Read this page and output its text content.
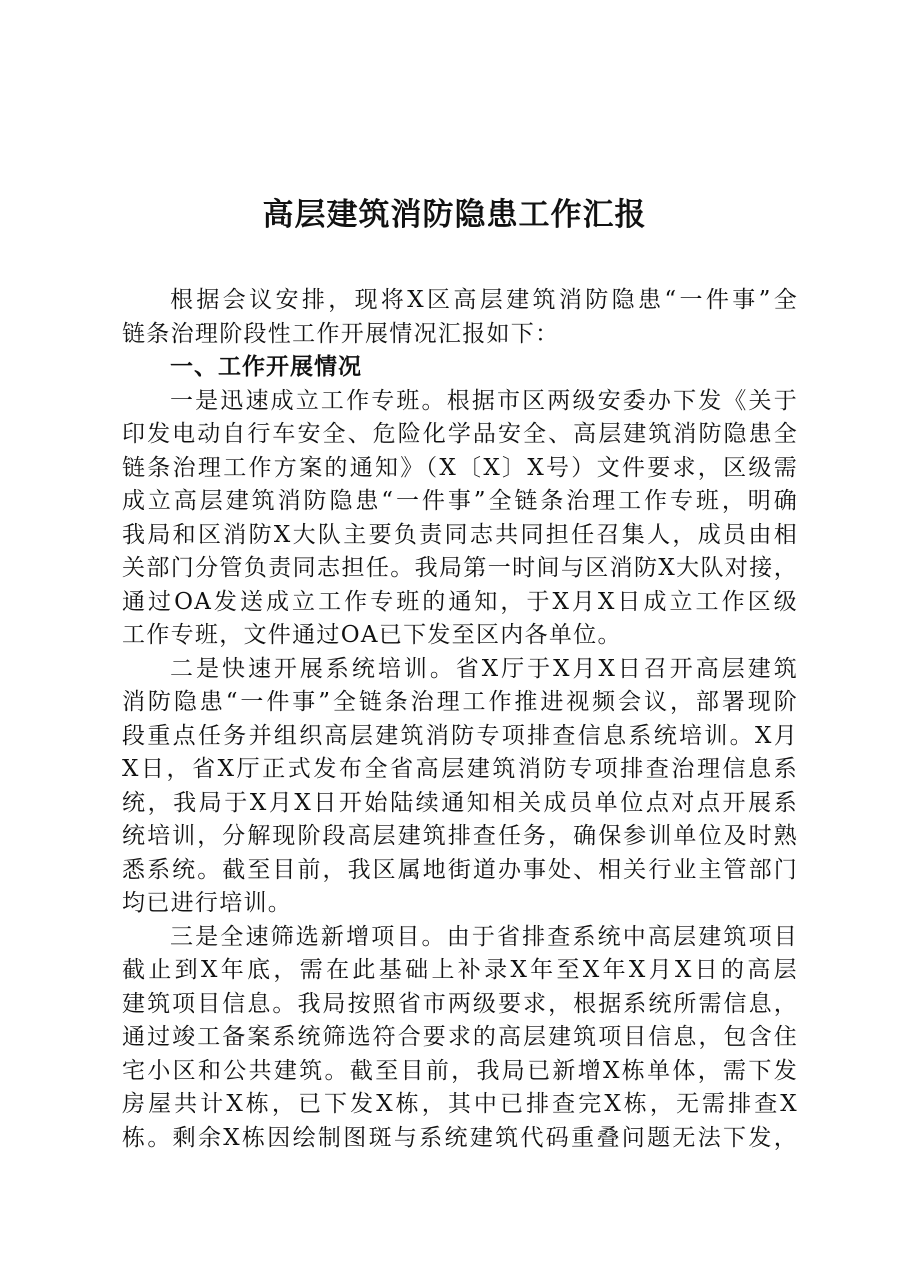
高层建筑消防隐患工作汇报
根据会议安排，现将X区高层建筑消防隐患“一件事”全
链条治理阶段性工作开展情况汇报如下：
一、工作开展情况
一是迅速成立工作专班。根据市区两级安委办下发《关于
印发电动自行车安全、危险化学品安全、高层建筑消防隐患全
链条治理工作方案的通知》（X〔X〕X号）文件要求，区级需
成立高层建筑消防隐患“一件事”全链条治理工作专班，明确
我局和区消防X大队主要负责同志共同担任召集人，成员由相
关部门分管负责同志担任。我局第一时间与区消防X大队对接，
通过OA发送成立工作专班的通知，于X月X日成立工作区级
工作专班，文件通过OA已下发至区内各单位。
二是快速开展系统培训。省X厅于X月X日召开高层建筑
消防隐患“一件事”全链条治理工作推进视频会议，部署现阶
段重点任务并组织高层建筑消防专项排查信息系统培训。X月
X日，省X厅正式发布全省高层建筑消防专项排查治理信息系
统，我局于X月X日开始陆续通知相关成员单位点对点开展系
统培训，分解现阶段高层建筑排查任务，确保参训单位及时熟
悉系统。截至目前，我区属地街道办事处、相关行业主管部门
均已进行培训。
三是全速筛选新增项目。由于省排查系统中高层建筑项目
截止到X年底，需在此基础上补录X年至X年X月X日的高层
建筑项目信息。我局按照省市两级要求，根据系统所需信息，
通过竣工备案系统筛选符合要求的高层建筑项目信息，包含住
宅小区和公共建筑。截至目前，我局已新增X栋单体，需下发
房屋共计X栋，已下发X栋，其中已排查完X栋，无需排查X
栋。剩余X栋因绘制图斑与系统建筑代码重叠问题无法下发，
